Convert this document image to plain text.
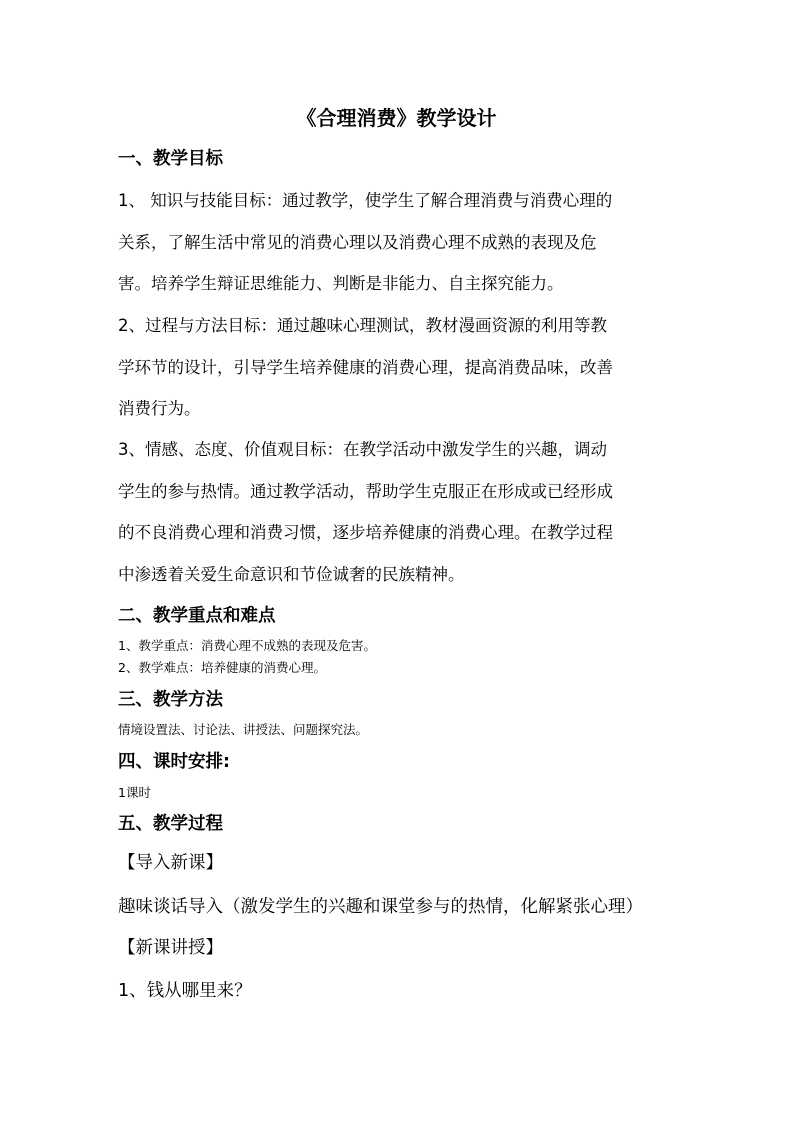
《合理消费》教学设计
一、教学目标
1、 知识与技能目标：通过教学，使学生了解合理消费与消费心理的
关系，了解生活中常见的消费心理以及消费心理不成熟的表现及危
害。培养学生辩证思维能力、判断是非能力、自主探究能力。
2、过程与方法目标：通过趣味心理测试，教材漫画资源的利用等教
学环节的设计，引导学生培养健康的消费心理，提高消费品味，改善
消费行为。
3、情感、态度、价值观目标：在教学活动中激发学生的兴趣，调动
学生的参与热情。通过教学活动，帮助学生克服正在形成或已经形成
的不良消费心理和消费习惯，逐步培养健康的消费心理。在教学过程
中渗透着关爱生命意识和节俭诚奢的民族精神。
二、教学重点和难点
1、教学重点：消费心理不成熟的表现及危害。
2、教学难点：培养健康的消费心理。
三、教学方法
情境设置法、讨论法、讲授法、问题探究法。
四、课时安排:
1课时
五、教学过程
【导入新课】
趣味谈话导入（激发学生的兴趣和课堂参与的热情，化解紧张心理）
【新课讲授】
1、钱从哪里来？
